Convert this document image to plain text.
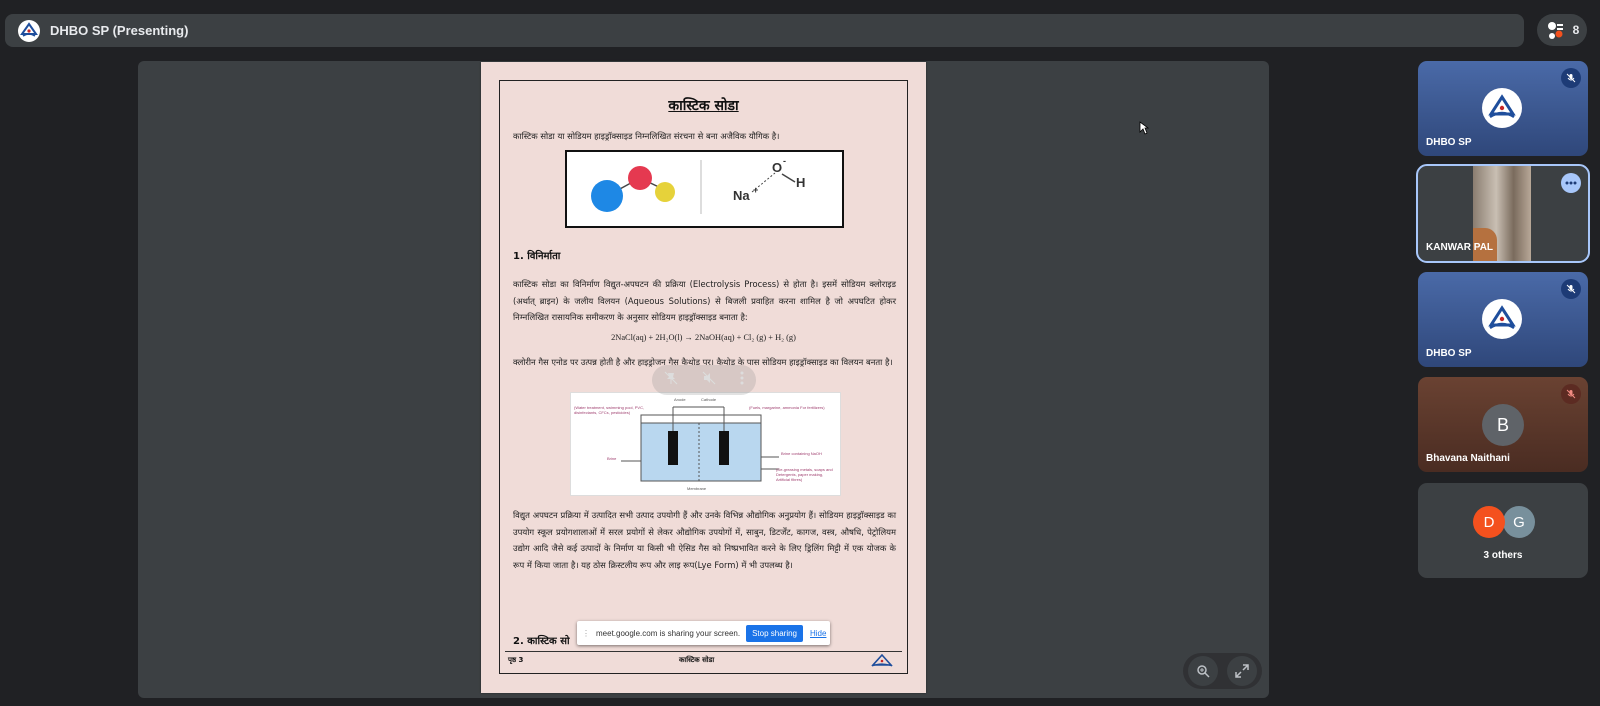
DHBO SP (Presenting)	8
कास्टिक सोडा
कास्टिक सोडा या सोडियम हाइड्रॉक्साइड निम्नलिखित संरचना से बना अजैविक यौगिक है।
O -
H
Na +
1. विनिर्माता
कास्टिक सोडा का विनिर्माण विद्युत-अपघटन की प्रक्रिया (Electrolysis Process) से होता है। इसमें सोडियम क्लोराइड (अर्थात् ब्राइन) के जलीय विलयन (Aqueous Solutions) से बिजली प्रवाहित करना शामिल है जो अपघटित होकर निम्नलिखित रासायनिक समीकरण के अनुसार सोडियम हाइड्रॉक्साइड बनाता है:
2NaCl(aq) + 2H₂O(l) → 2NaOH(aq) + Cl₂ (g) + H₂ (g)
क्लोरीन गैस एनोड पर उत्पन्न होती है और हाइड्रोजन गैस कैथोड पर। कैथोड के पास सोडियम हाइड्रॉक्साइड का विलयन बनता है।
(Water treatment, swimming pool, PVC, disinfectants, CFCs, pesticides)
(Fuels, margarine, ammonia For fertilizers)
Anode	Cathode
Brine
Brine containing NaOH
(De-greasing metals, soaps and Detergents, paper making, Artificial fibres)
Membrane
विद्युत अपघटन प्रक्रिया में उत्पादित सभी उत्पाद उपयोगी हैं और उनके विभिन्न औद्योगिक अनुप्रयोग हैं। सोडियम हाइड्रॉक्साइड का उपयोग स्कूल प्रयोगशालाओं में सरल प्रयोगों से लेकर औद्योगिक उपयोगों में, साबुन, डिटर्जेंट, कागज, वस्त्र, औषधि, पेट्रोलियम उद्योग आदि जैसे कई उत्पादों के निर्माण या किसी भी ऐसिड गैस को निष्प्रभावित करने के लिए ड्रिलिंग मिट्टी में एक योजक के रूप में किया जाता है। यह ठोस क्रिस्टलीय रूप और लाइ रूप(Lye Form) में भी उपलब्ध है।
2. कास्टिक सो
पृष्ठ 3	कास्टिक सोडा
⋮ meet.google.com is sharing your screen.	Stop sharing	Hide
DHBO SP
KANWAR PAL
DHBO SP
B
Bhavana Naithani
D G
3 others
